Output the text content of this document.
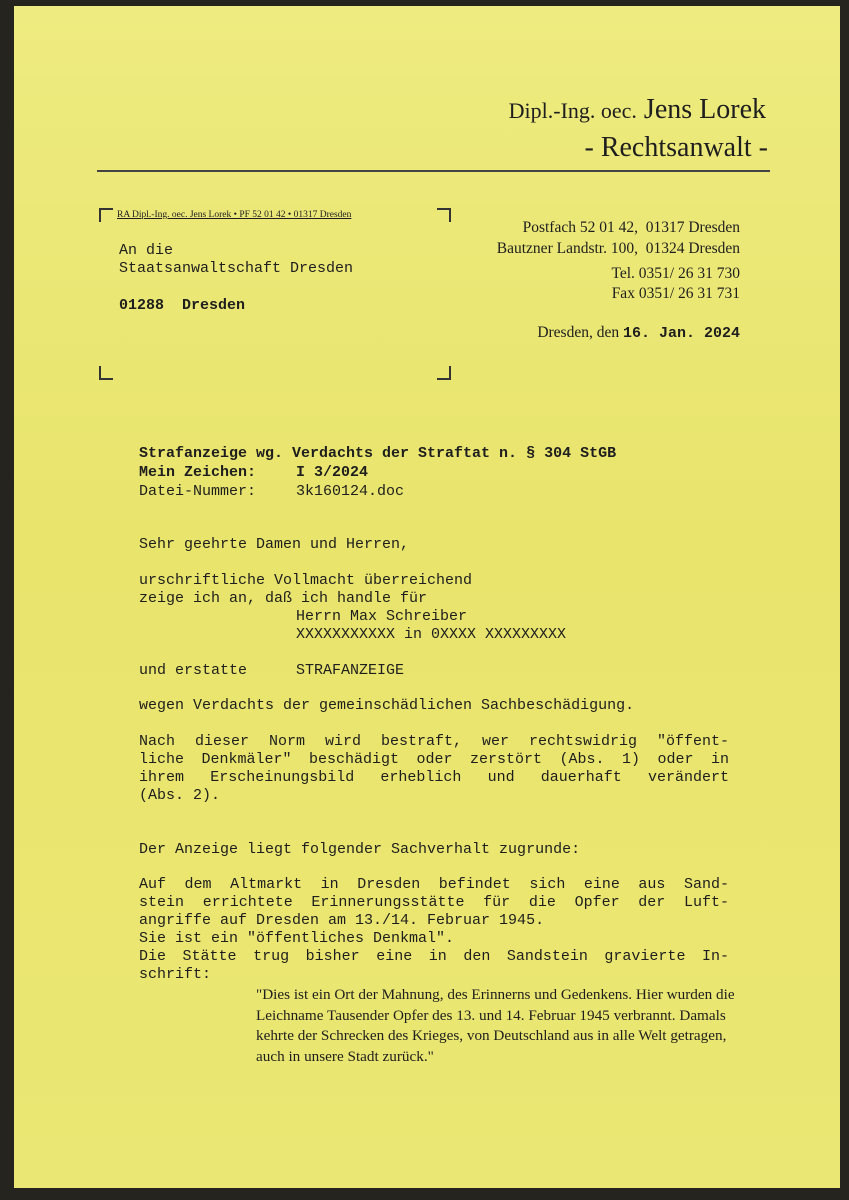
Dipl.-Ing. oec. Jens Lorek
- Rechtsanwalt -
RA Dipl.-Ing. oec. Jens Lorek • PF 52 01 42 • 01317 Dresden
An die
Staatsanwaltschaft Dresden
01288  Dresden
Postfach 52 01 42,  01317 Dresden
Bautzner Landstr. 100,  01324 Dresden
Tel. 0351/ 26 31 730
Fax 0351/ 26 31 731
Dresden, den 16. Jan. 2024
Strafanzeige wg. Verdachts der Straftat n. § 304 StGB
Mein Zeichen:	I 3/2024
Datei-Nummer:	3k160124.doc
Sehr geehrte Damen und Herren,
urschriftliche Vollmacht überreichend
zeige ich an, daß ich handle für
Herrn Max Schreiber
XXXXXXXXXXX in 0XXXX XXXXXXXXX
und erstatte	STRAFANZEIGE
wegen Verdachts der gemeinschädlichen Sachbeschädigung.
Nach dieser Norm wird bestraft, wer rechtswidrig "öffent-
liche Denkmäler" beschädigt oder zerstört (Abs. 1) oder in
ihrem Erscheinungsbild erheblich und dauerhaft verändert
(Abs. 2).
Der Anzeige liegt folgender Sachverhalt zugrunde:
Auf dem Altmarkt in Dresden befindet sich eine aus Sand-
stein errichtete Erinnerungsstätte für die Opfer der Luft-
angriffe auf Dresden am 13./14. Februar 1945.
Sie ist ein "öffentliches Denkmal".
Die Stätte trug bisher eine in den Sandstein gravierte In-
schrift:
"Dies ist ein Ort der Mahnung, des Erinnerns und Gedenkens. Hier wurden die Leichname Tausender Opfer des 13. und 14. Februar 1945 verbrannt. Damals kehrte der Schrecken des Krieges, von Deutschland aus in alle Welt getragen, auch in unsere Stadt zurück."
